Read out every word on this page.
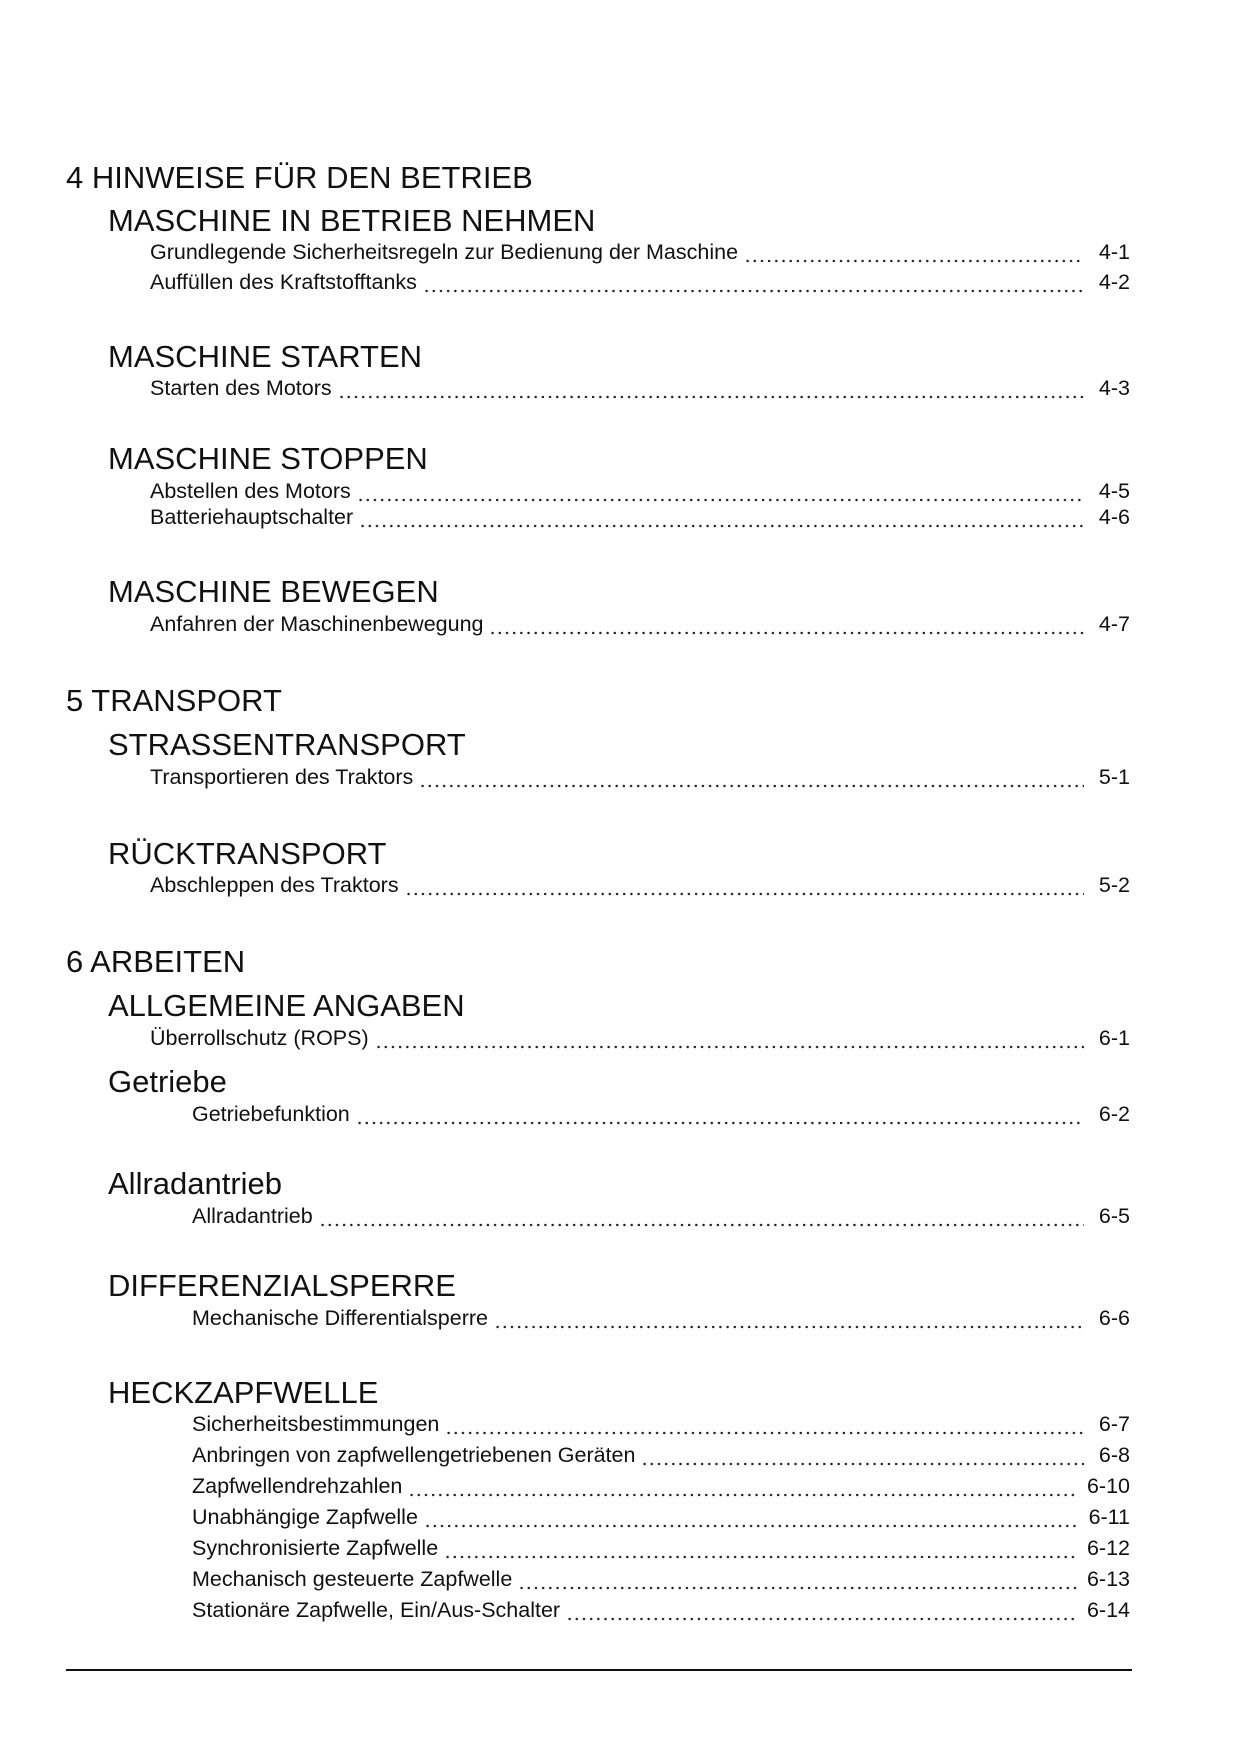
4 HINWEISE FÜR DEN BETRIEB
MASCHINE IN BETRIEB NEHMEN
Grundlegende Sicherheitsregeln zur Bedienung der Maschine	4-1
Auffüllen des Kraftstofftanks	4-2
MASCHINE STARTEN
Starten des Motors	4-3
MASCHINE STOPPEN
Abstellen des Motors	4-5
Batteriehauptschalter	4-6
MASCHINE BEWEGEN
Anfahren der Maschinenbewegung	4-7
5 TRANSPORT
STRASSENTRANSPORT
Transportieren des Traktors	5-1
RÜCKTRANSPORT
Abschleppen des Traktors	5-2
6 ARBEITEN
ALLGEMEINE ANGABEN
Überrollschutz (ROPS)	6-1
Getriebe
Getriebefunktion	6-2
Allradantrieb
Allradantrieb	6-5
DIFFERENZIALSPERRE
Mechanische Differentialsperre	6-6
HECKZAPFWELLE
Sicherheitsbestimmungen	6-7
Anbringen von zapfwellengetriebenen Geräten	6-8
Zapfwellendrehzahlen	6-10
Unabhängige Zapfwelle	6-11
Synchronisierte Zapfwelle	6-12
Mechanisch gesteuerte Zapfwelle	6-13
Stationäre Zapfwelle, Ein/Aus-Schalter	6-14
